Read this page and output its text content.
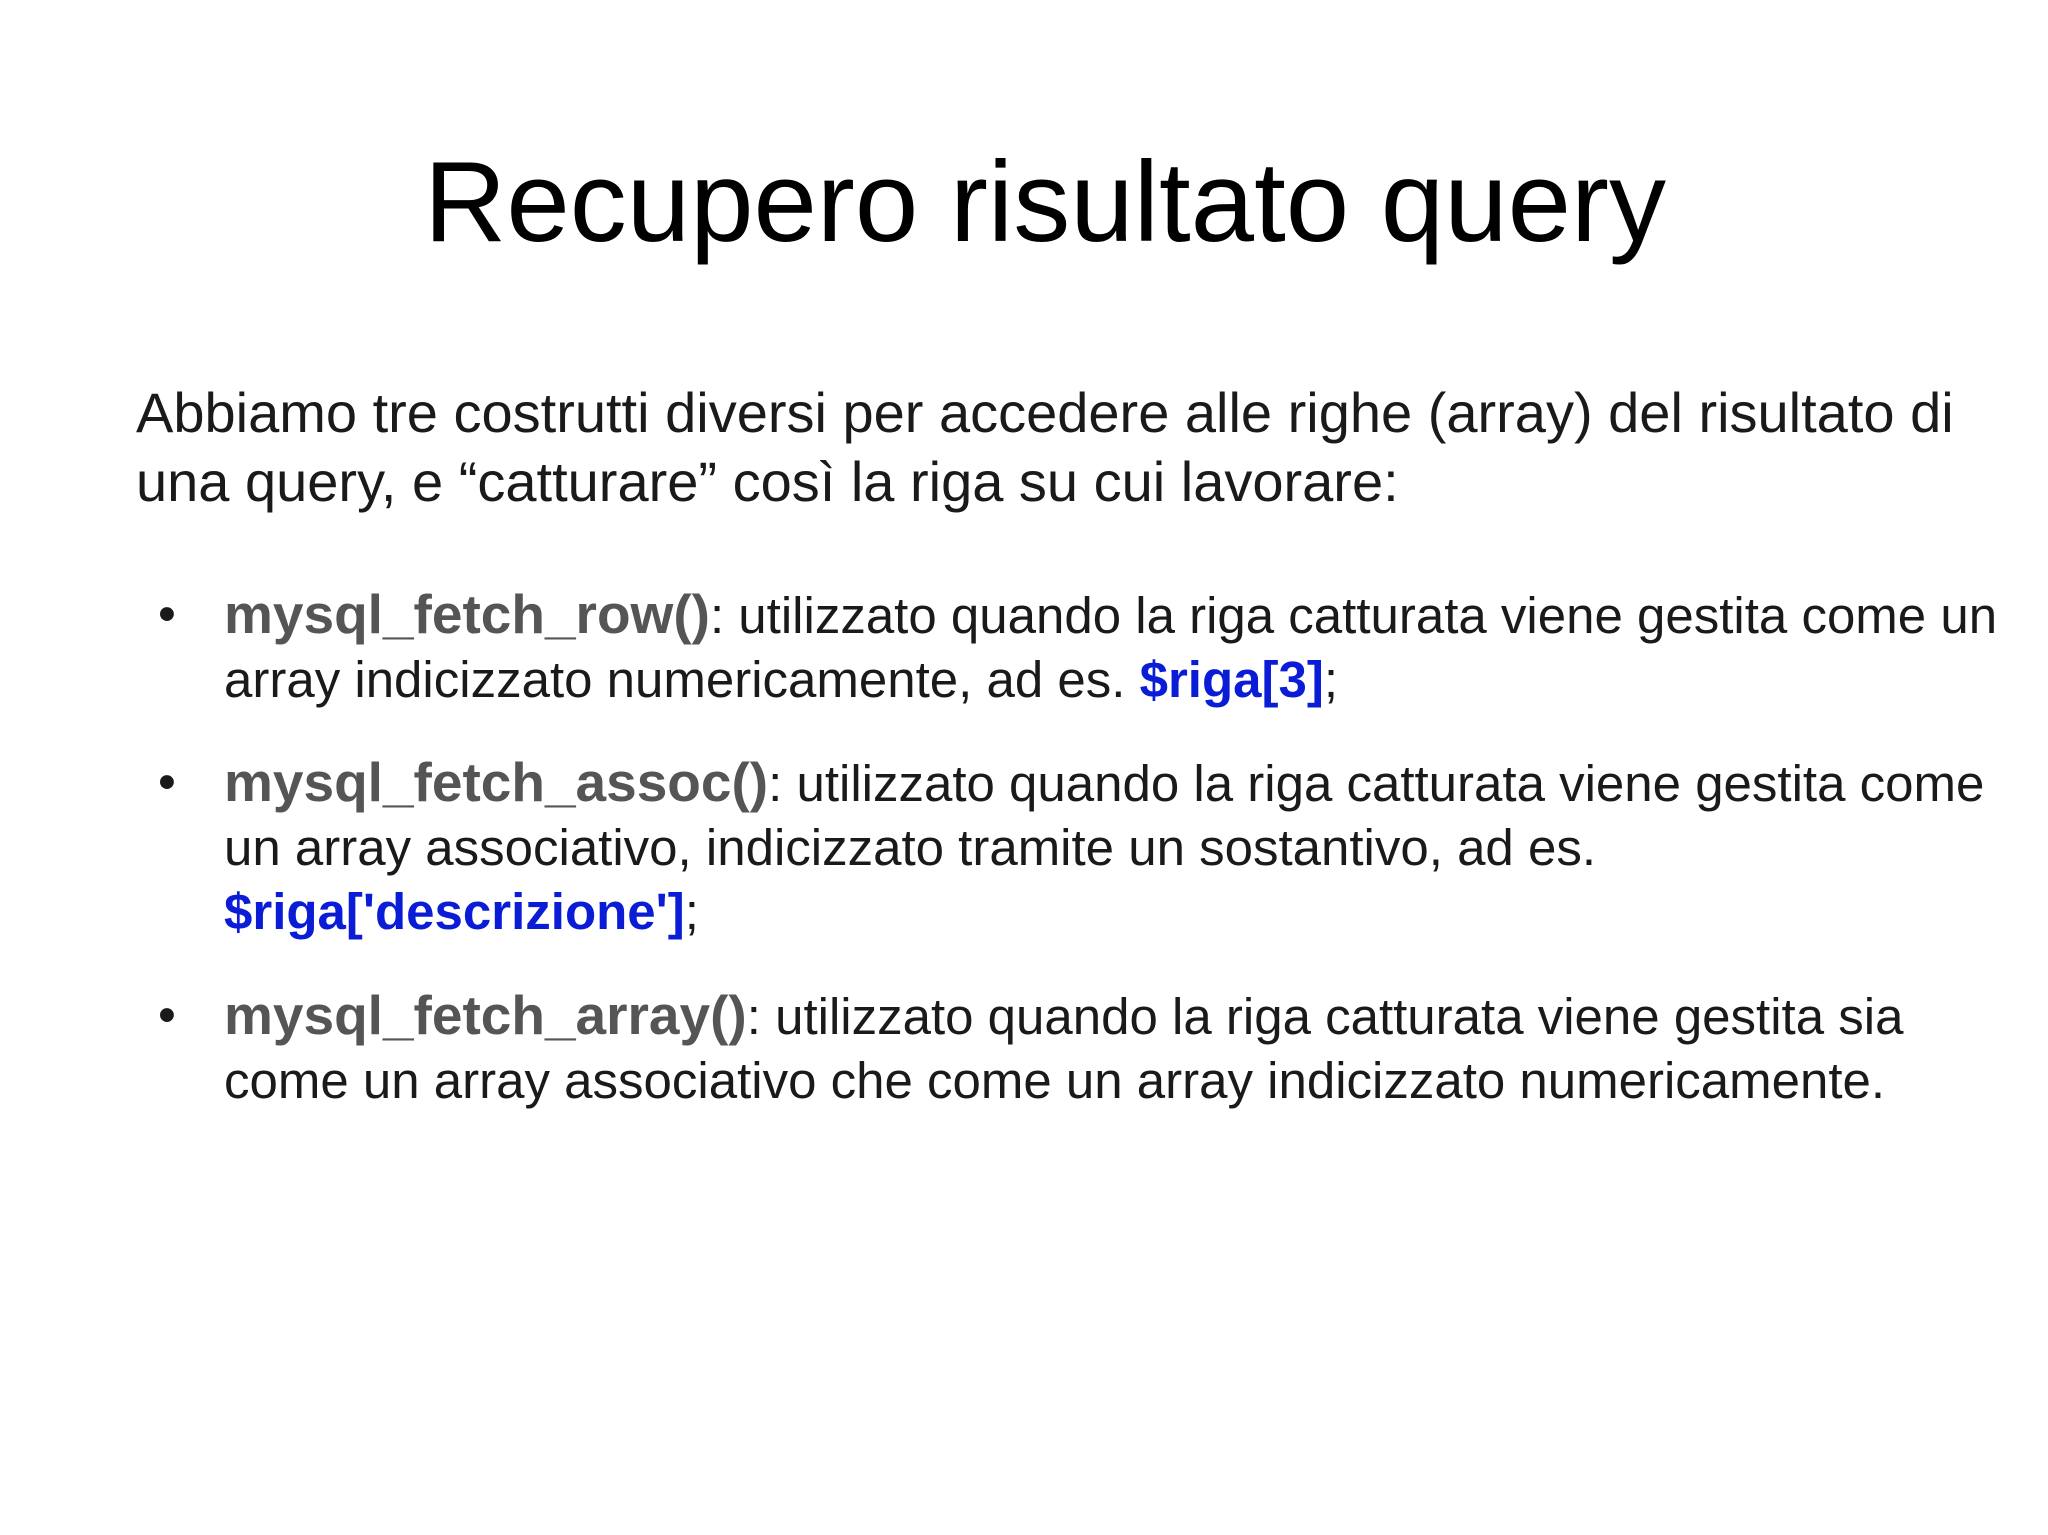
Recupero risultato query

Abbiamo tre costrutti diversi per accedere alle righe (array) del risultato di una query, e “catturare” così la riga su cui lavorare:

• mysql_fetch_row(): utilizzato quando la riga catturata viene gestita come un array indicizzato numericamente, ad es. $riga[3];
• mysql_fetch_assoc(): utilizzato quando la riga catturata viene gestita come un array associativo, indicizzato tramite un sostantivo, ad es. $riga['descrizione'];
• mysql_fetch_array(): utilizzato quando la riga catturata viene gestita sia come un array associativo che come un array indicizzato numericamente.
